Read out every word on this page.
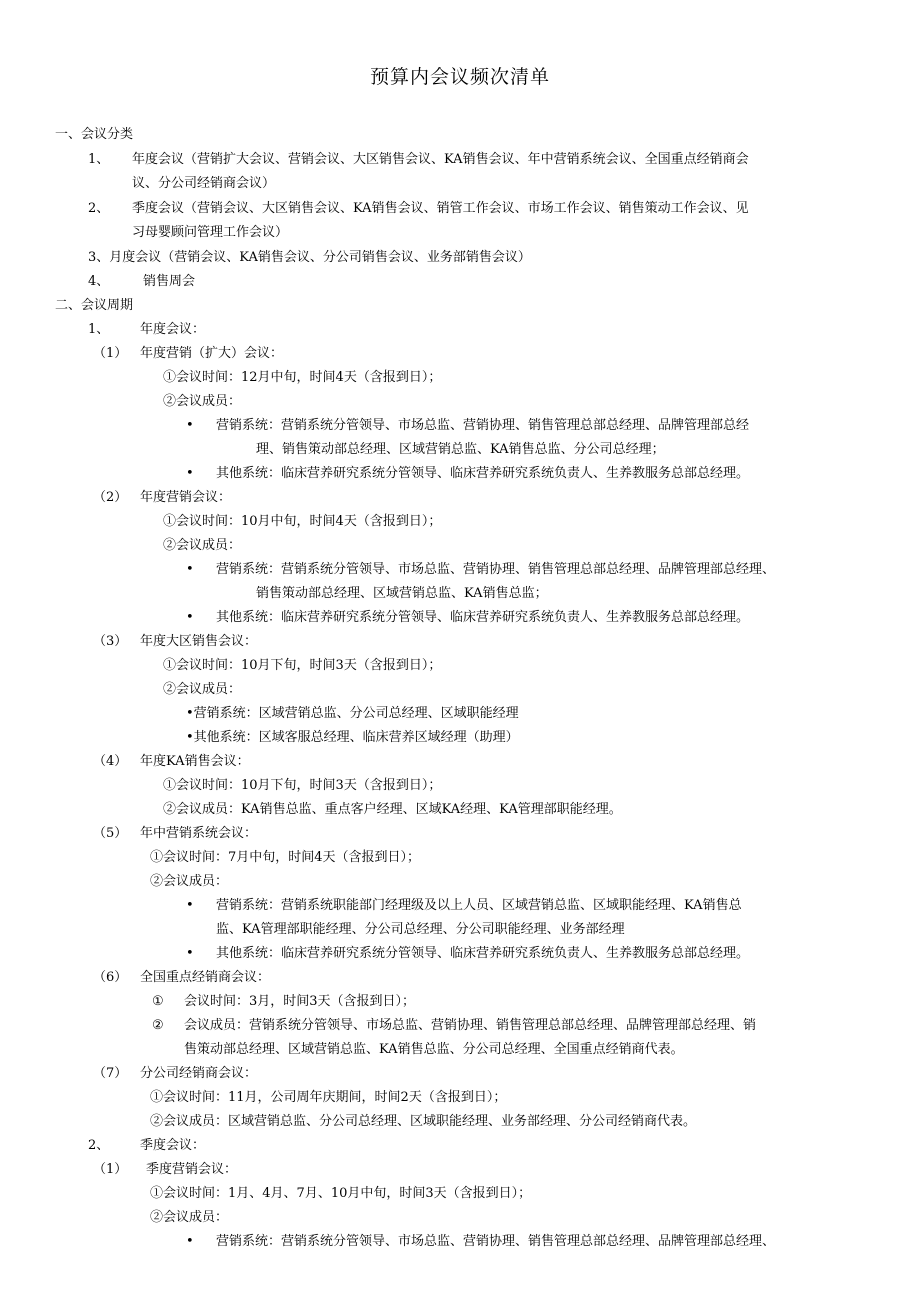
预算内会议频次清单
一、会议分类
1、 年度会议（营销扩大会议、营销会议、大区销售会议、KA销售会议、年中营销系统会议、全国重点经销商会
议、分公司经销商会议）
2、 季度会议（营销会议、大区销售会议、KA销售会议、销管工作会议、市场工作会议、销售策动工作会议、见
习母婴顾问管理工作会议）
3、月度会议（营销会议、KA销售会议、分公司销售会议、业务部销售会议）
4、	销售周会
二、会议周期
1、 年度会议：
（1） 年度营销（扩大）会议：
①会议时间：12月中旬，时间4天（含报到日）；
②会议成员：
• 营销系统：营销系统分管领导、市场总监、营销协理、销售管理总部总经理、品牌管理部总经
理、销售策动部总经理、区域营销总监、KA销售总监、分公司总经理；
• 其他系统：临床营养研究系统分管领导、临床营养研究系统负责人、生养教服务总部总经理。
（2） 年度营销会议：
①会议时间：10月中旬，时间4天（含报到日）；
②会议成员：
• 营销系统：营销系统分管领导、市场总监、营销协理、销售管理总部总经理、品牌管理部总经理、
销售策动部总经理、区域营销总监、KA销售总监；
• 其他系统：临床营养研究系统分管领导、临床营养研究系统负责人、生养教服务总部总经理。
（3） 年度大区销售会议：
①会议时间：10月下旬，时间3天（含报到日）；
②会议成员：
•营销系统：区域营销总监、分公司总经理、区域职能经理
•其他系统：区域客服总经理、临床营养区域经理（助理）
（4） 年度KA销售会议：
①会议时间：10月下旬，时间3天（含报到日）；
②会议成员：KA销售总监、重点客户经理、区域KA经理、KA管理部职能经理。
（5） 年中营销系统会议：
①会议时间：7月中旬，时间4天（含报到日）；
②会议成员：
• 营销系统：营销系统职能部门经理级及以上人员、区域营销总监、区域职能经理、KA销售总
监、KA管理部职能经理、分公司总经理、分公司职能经理、业务部经理
• 其他系统：临床营养研究系统分管领导、临床营养研究系统负责人、生养教服务总部总经理。
（6） 全国重点经销商会议：
① 会议时间：3月，时间3天（含报到日）；
② 会议成员：营销系统分管领导、市场总监、营销协理、销售管理总部总经理、品牌管理部总经理、销
售策动部总经理、区域营销总监、KA销售总监、分公司总经理、全国重点经销商代表。
（7） 分公司经销商会议：
①会议时间：11月，公司周年庆期间，时间2天（含报到日）；
②会议成员：区域营销总监、分公司总经理、区域职能经理、业务部经理、分公司经销商代表。
2、 季度会议：
（1） 季度营销会议：
①会议时间：1月、4月、7月、10月中旬，时间3天（含报到日）；
②会议成员：
• 营销系统：营销系统分管领导、市场总监、营销协理、销售管理总部总经理、品牌管理部总经理、
